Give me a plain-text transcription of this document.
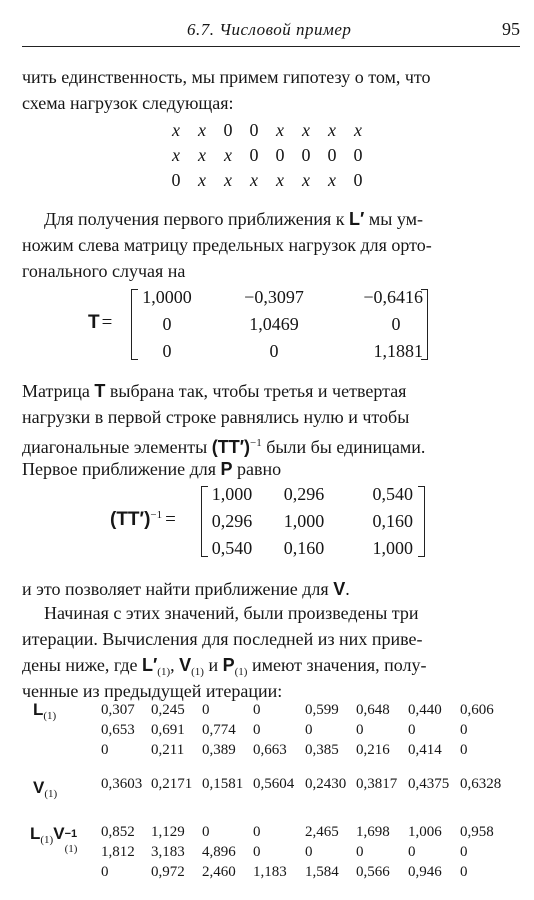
6.7. Числовой пример	95
чить единственность, мы примем гипотезу о том, что
схема нагрузок следующая:
x	x	0	0	x	x	x	x
x	x	x	0	0	0	0	0
0	x	x	x	x	x	x	0
Для получения первого приближения к L′ мы ум-
ножим слева матрицу предельных нагрузок для орто-
гонального случая на
T =
1,0000	−0,3097	−0,6416
0	1,0469	0
0	0	1,1881
Матрица T выбрана так, чтобы третья и четвертая
нагрузки в первой строке равнялись нулю и чтобы
диагональные элементы $(TT')^{-1}$ были бы единицами.
Первое приближение для P равно
$(TT')^{-1}$ =
1,000	0,296	0,540
0,296	1,000	0,160
0,540	0,160	1,000
и это позволяет найти приближение для V.
Начиная с этих значений, были произведены три
итерации. Вычисления для последней из них приве-
дены ниже, где $L'_{(1)}$, $V_{(1)}$ и $P_{(1)}$ имеют значения, полу-
ченные из предыдущей итерации:
$L_{(1)}$	0,307	0,245	0	0	0,599	0,648	0,440	0,606
0,653	0,691	0,774	0	0	0	0	0
0	0,211	0,389	0,663	0,385	0,216	0,414	0
$V_{(1)}$
0,3603	0,2171	0,1581	0,5604	0,2430	0,3817	0,4375	0,6328
$L_{(1)}V -1$
(1)
0,852	1,129	0	0	2,465	1,698	1,006	0,958
1,812	3,183	4,896	0	0	0	0	0
0	0,972	2,460	1,183	1,584	0,566	0,946	0
